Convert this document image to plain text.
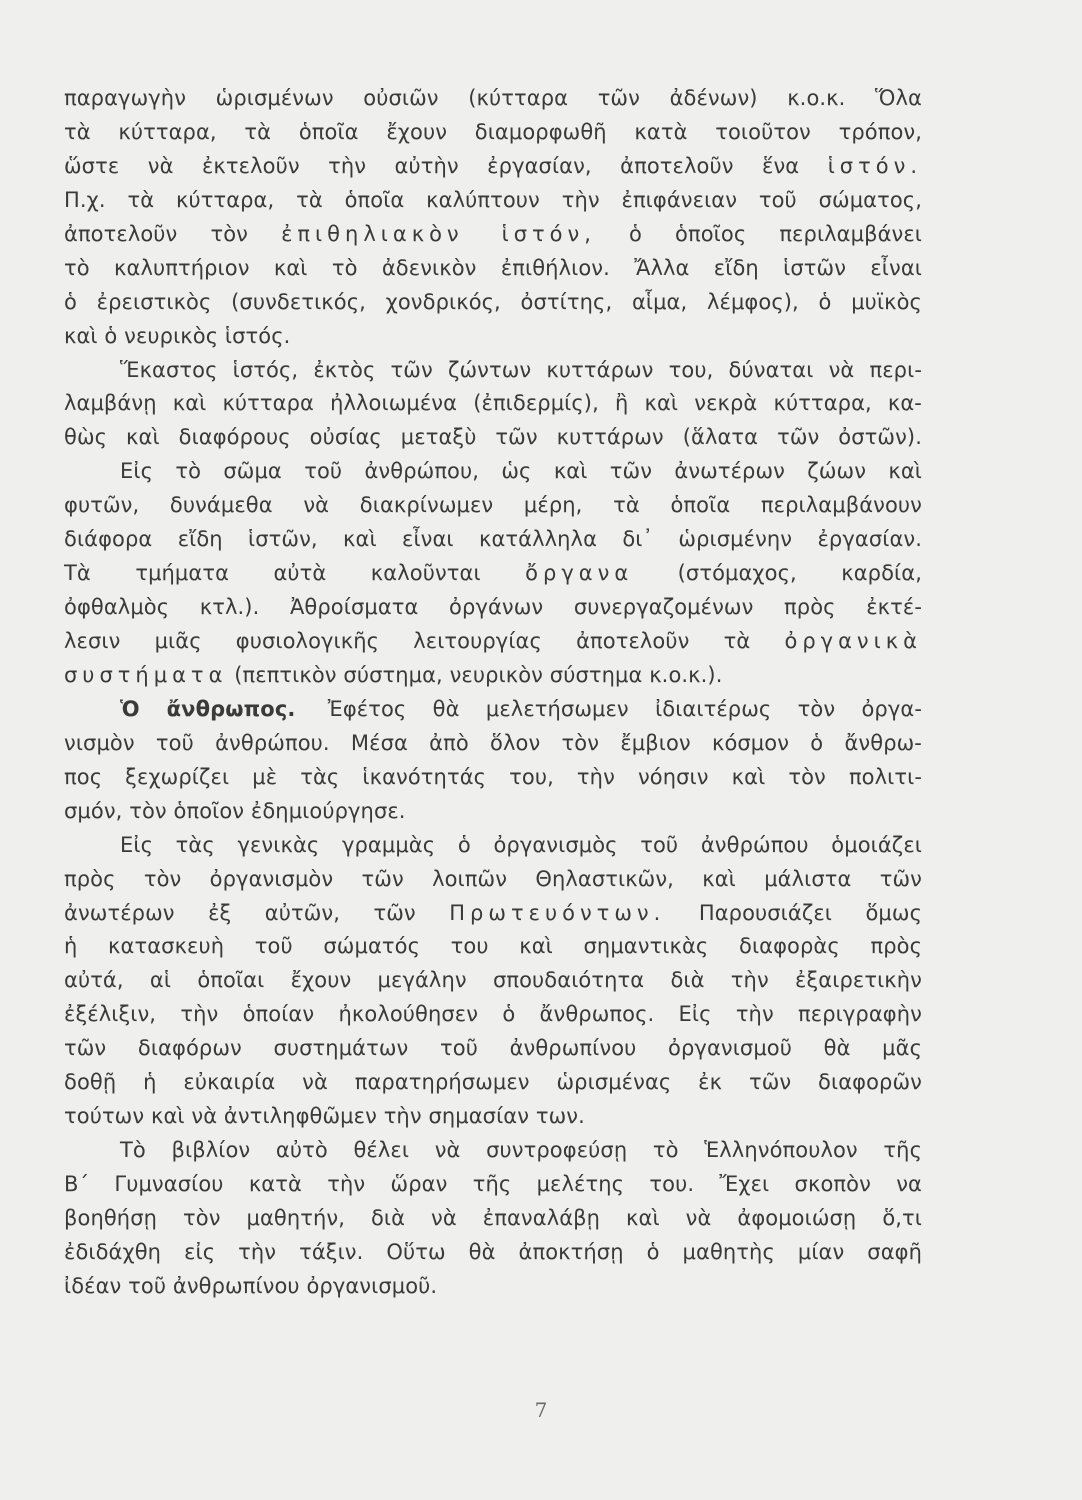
παραγωγὴν ὡρισμένων οὐσιῶν (κύτταρα τῶν ἀδένων) κ.ο.κ. Ὅλα
τὰ κύτταρα, τὰ ὁποῖα ἔχουν διαμορφωθῆ κατὰ τοιοῦτον τρόπον,
ὥστε νὰ ἐκτελοῦν τὴν αὐτὴν ἐργασίαν, ἀποτελοῦν ἕνα ἱστόν.
Π.χ. τὰ κύτταρα, τὰ ὁποῖα καλύπτουν τὴν ἐπιφάνειαν τοῦ σώματος,
ἀποτελοῦν τὸν ἐπιθηλιακὸν ἱστόν, ὁ ὁποῖος περιλαμβάνει
τὸ καλυπτήριον καὶ τὸ ἀδενικὸν ἐπιθήλιον. Ἄλλα εἴδη ἱστῶν εἶναι
ὁ ἐρειστικὸς (συνδετικός, χονδρικός, ὀστίτης, αἷμα, λέμφος), ὁ μυϊκὸς
καὶ ὁ νευρικὸς ἱστός.
Ἕκαστος ἱστός, ἐκτὸς τῶν ζώντων κυττάρων του, δύναται νὰ περι-
λαμβάνῃ καὶ κύτταρα ἠλλοιωμένα (ἐπιδερμίς), ἢ καὶ νεκρὰ κύτταρα, κα-
θὼς καὶ διαφόρους οὐσίας μεταξὺ τῶν κυττάρων (ἅλατα τῶν ὀστῶν).
Εἰς τὸ σῶμα τοῦ ἀνθρώπου, ὡς καὶ τῶν ἀνωτέρων ζώων καὶ
φυτῶν, δυνάμεθα νὰ διακρίνωμεν μέρη, τὰ ὁποῖα περιλαμβάνουν
διάφορα εἴδη ἱστῶν, καὶ εἶναι κατάλληλα δι᾽ ὡρισμένην ἐργασίαν.
Τὰ τμήματα αὐτὰ καλοῦνται ὄργανα (στόμαχος, καρδία,
ὀφθαλμὸς κτλ.). Ἀθροίσματα ὀργάνων συνεργαζομένων πρὸς ἐκτέ-
λεσιν μιᾶς φυσιολογικῆς λειτουργίας ἀποτελοῦν τὰ ὀργανικὰ
συστήματα (πεπτικὸν σύστημα, νευρικὸν σύστημα κ.ο.κ.).
Ὁ ἄνθρωπος. Ἐφέτος θὰ μελετήσωμεν ἰδιαιτέρως τὸν ὀργα-
νισμὸν τοῦ ἀνθρώπου. Μέσα ἀπὸ ὅλον τὸν ἔμβιον κόσμον ὁ ἄνθρω-
πος ξεχωρίζει μὲ τὰς ἱκανότητάς του, τὴν νόησιν καὶ τὸν πολιτι-
σμόν, τὸν ὁποῖον ἐδημιούργησε.
Εἰς τὰς γενικὰς γραμμὰς ὁ ὀργανισμὸς τοῦ ἀνθρώπου ὁμοιάζει
πρὸς τὸν ὀργανισμὸν τῶν λοιπῶν Θηλαστικῶν, καὶ μάλιστα τῶν
ἀνωτέρων ἐξ αὐτῶν, τῶν Πρωτευόντων. Παρουσιάζει ὅμως
ἡ κατασκευὴ τοῦ σώματός του καὶ σημαντικὰς διαφορὰς πρὸς
αὐτά, αἱ ὁποῖαι ἔχουν μεγάλην σπουδαιότητα διὰ τὴν ἐξαιρετικὴν
ἐξέλιξιν, τὴν ὁποίαν ἠκολούθησεν ὁ ἄνθρωπος. Εἰς τὴν περιγραφὴν
τῶν διαφόρων συστημάτων τοῦ ἀνθρωπίνου ὀργανισμοῦ θὰ μᾶς
δοθῇ ἡ εὐκαιρία νὰ παρατηρήσωμεν ὡρισμένας ἐκ τῶν διαφορῶν
τούτων καὶ νὰ ἀντιληφθῶμεν τὴν σημασίαν των.
Τὸ βιβλίον αὐτὸ θέλει νὰ συντροφεύσῃ τὸ Ἑλληνόπουλον τῆς
Β΄ Γυμνασίου κατὰ τὴν ὥραν τῆς μελέτης του. Ἔχει σκοπὸν να
βοηθήσῃ τὸν μαθητήν, διὰ νὰ ἐπαναλάβῃ καὶ νὰ ἀφομοιώσῃ ὅ,τι
ἐδιδάχθη εἰς τὴν τάξιν. Οὕτω θὰ ἀποκτήσῃ ὁ μαθητὴς μίαν σαφῆ
ἰδέαν τοῦ ἀνθρωπίνου ὀργανισμοῦ.
7
